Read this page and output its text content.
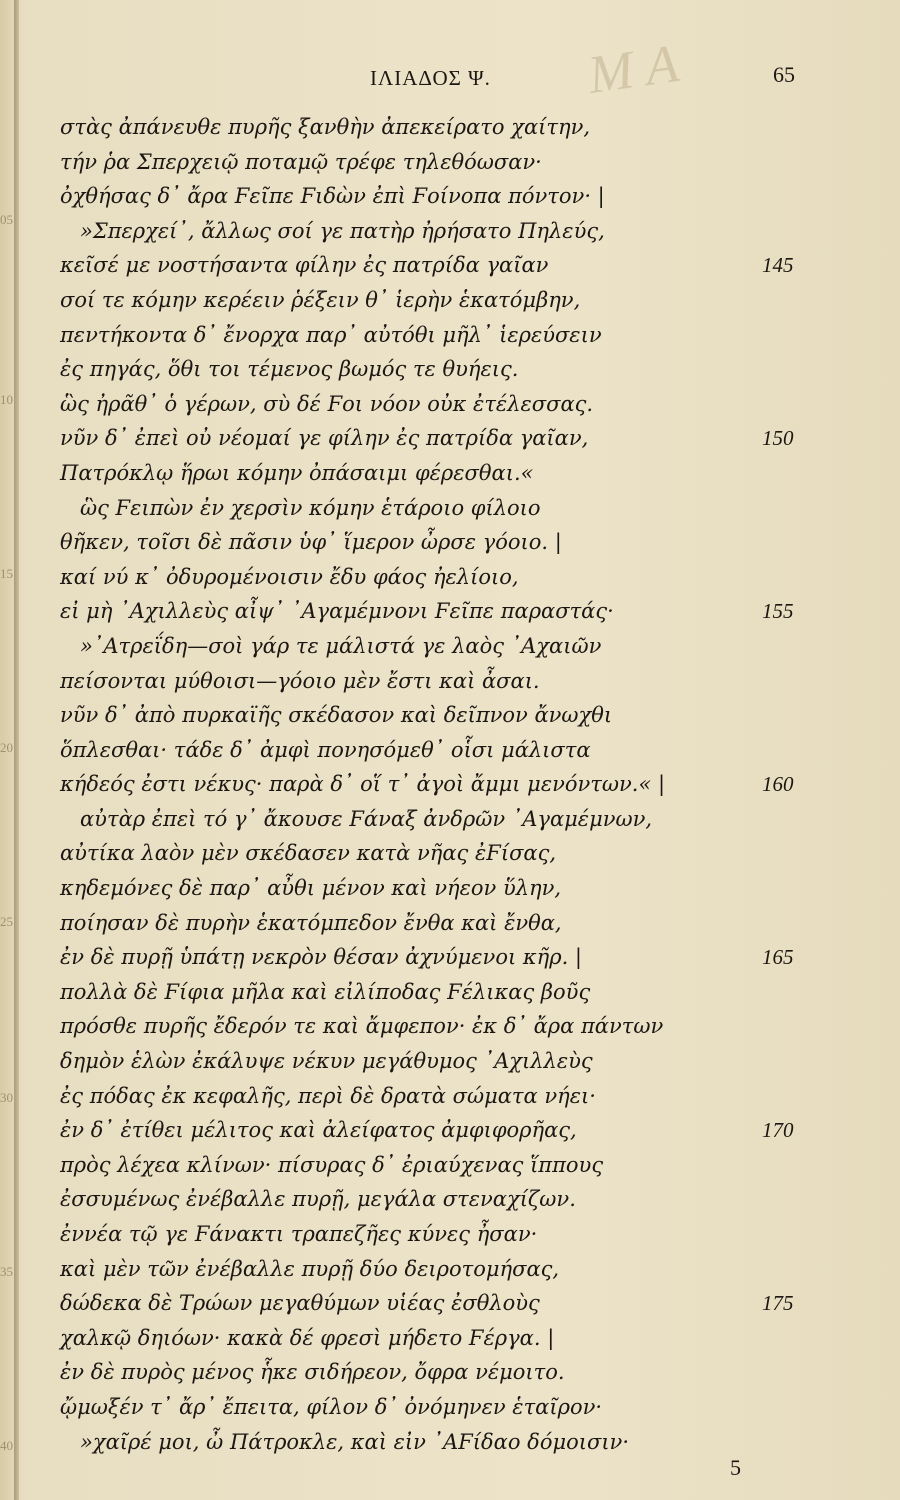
05
10
15
20
25
30
35
40
Μ Α
ΙΛΙΑΔΟΣ Ψ.	65
στὰς ἀπάνευθε πυρῆς ξανθὴν ἀπεκείρατο χαίτην,
τήν ῥα Σπερχειῷ ποταμῷ τρέφε τηλεθόωσαν·
ὀχθήσας δ᾽ ἄρα Ϝεῖπε Ϝιδὼν ἐπὶ Ϝοίνοπα πόντον· |
»Σπερχεί᾽, ἄλλως σοί γε πατὴρ ἠρήσατο Πηλεύς,
κεῖσέ με νοστήσαντα φίλην ἐς πατρίδα γαῖαν	145
σοί τε κόμην κερέειν ῥέξειν θ᾽ ἱερὴν ἑκατόμβην,
πεντήκοντα δ᾽ ἔνορχα παρ᾽ αὐτόθι μῆλ᾽ ἱερεύσειν
ἐς πηγάς, ὅθι τοι τέμενος βωμός τε θυήεις.
ὣς ἠρᾶθ᾽ ὁ γέρων, σὺ δέ Ϝοι νόον οὐκ ἐτέλεσσας.
νῦν δ᾽ ἐπεὶ οὐ νέομαί γε φίλην ἐς πατρίδα γαῖαν,	150
Πατρόκλῳ ἥρωι κόμην ὀπάσαιμι φέρεσθαι.«
ὣς Ϝειπὼν ἐν χερσὶν κόμην ἑτάροιο φίλοιο
θῆκεν, τοῖσι δὲ πᾶσιν ὑφ᾽ ἵμερον ὦρσε γόοιο. |
καί νύ κ᾽ ὀδυρομένοισιν ἔδυ φάος ἠελίοιο,
εἰ μὴ ᾿Αχιλλεὺς αἶψ᾽ ᾿Αγαμέμνονι Ϝεῖπε παραστάς·	155
»᾿Ατρεΐδη—σοὶ γάρ τε μάλιστά γε λαὸς ᾿Αχαιῶν
πείσονται μύθοισι—γόοιο μὲν ἔστι καὶ ἆσαι.
νῦν δ᾽ ἀπὸ πυρκαϊῆς σκέδασον καὶ δεῖπνον ἄνωχθι
ὅπλεσθαι· τάδε δ᾽ ἀμφὶ πονησόμεθ᾽ οἷσι μάλιστα
κήδεός ἐστι νέκυς· παρὰ δ᾽ οἵ τ᾽ ἀγοὶ ἄμμι μενόντων.« |	160
αὐτὰρ ἐπεὶ τό γ᾽ ἄκουσε Ϝάναξ ἀνδρῶν ᾿Αγαμέμνων,
αὐτίκα λαὸν μὲν σκέδασεν κατὰ νῆας ἐϜίσας,
κηδεμόνες δὲ παρ᾽ αὖθι μένον καὶ νήεον ὕλην,
ποίησαν δὲ πυρὴν ἑκατόμπεδον ἔνθα καὶ ἔνθα,
ἐν δὲ πυρῇ ὑπάτῃ νεκρὸν θέσαν ἀχνύμενοι κῆρ. |	165
πολλὰ δὲ Ϝίφια μῆλα καὶ εἰλίποδας Ϝέλικας βοῦς
πρόσθε πυρῆς ἔδερόν τε καὶ ἄμφεπον· ἐκ δ᾽ ἄρα πάντων
δημὸν ἑλὼν ἐκάλυψε νέκυν μεγάθυμος ᾿Αχιλλεὺς
ἐς πόδας ἐκ κεφαλῆς, περὶ δὲ δρατὰ σώματα νήει·
ἐν δ᾽ ἐτίθει μέλιτος καὶ ἀλείφατος ἀμφιφορῆας,	170
πρὸς λέχεα κλίνων· πίσυρας δ᾽ ἐριαύχενας ἵππους
ἐσσυμένως ἐνέβαλλε πυρῇ, μεγάλα στεναχίζων.
ἐννέα τῷ γε Ϝάνακτι τραπεζῆες κύνες ἦσαν·
καὶ μὲν τῶν ἐνέβαλλε πυρῇ δύο δειροτομήσας,
δώδεκα δὲ Τρώων μεγαθύμων υἱέας ἐσθλοὺς	175
χαλκῷ δηιόων· κακὰ δέ φρεσὶ μήδετο Ϝέργα. |
ἐν δὲ πυρὸς μένος ἧκε σιδήρεον, ὄφρα νέμοιτο.
ᾤμωξέν τ᾽ ἄρ᾽ ἔπειτα, φίλον δ᾽ ὀνόμηνεν ἑταῖρον·
»χαῖρέ μοι, ὦ Πάτροκλε, καὶ εἰν ᾿ΑϜίδαο δόμοισιν·
5
